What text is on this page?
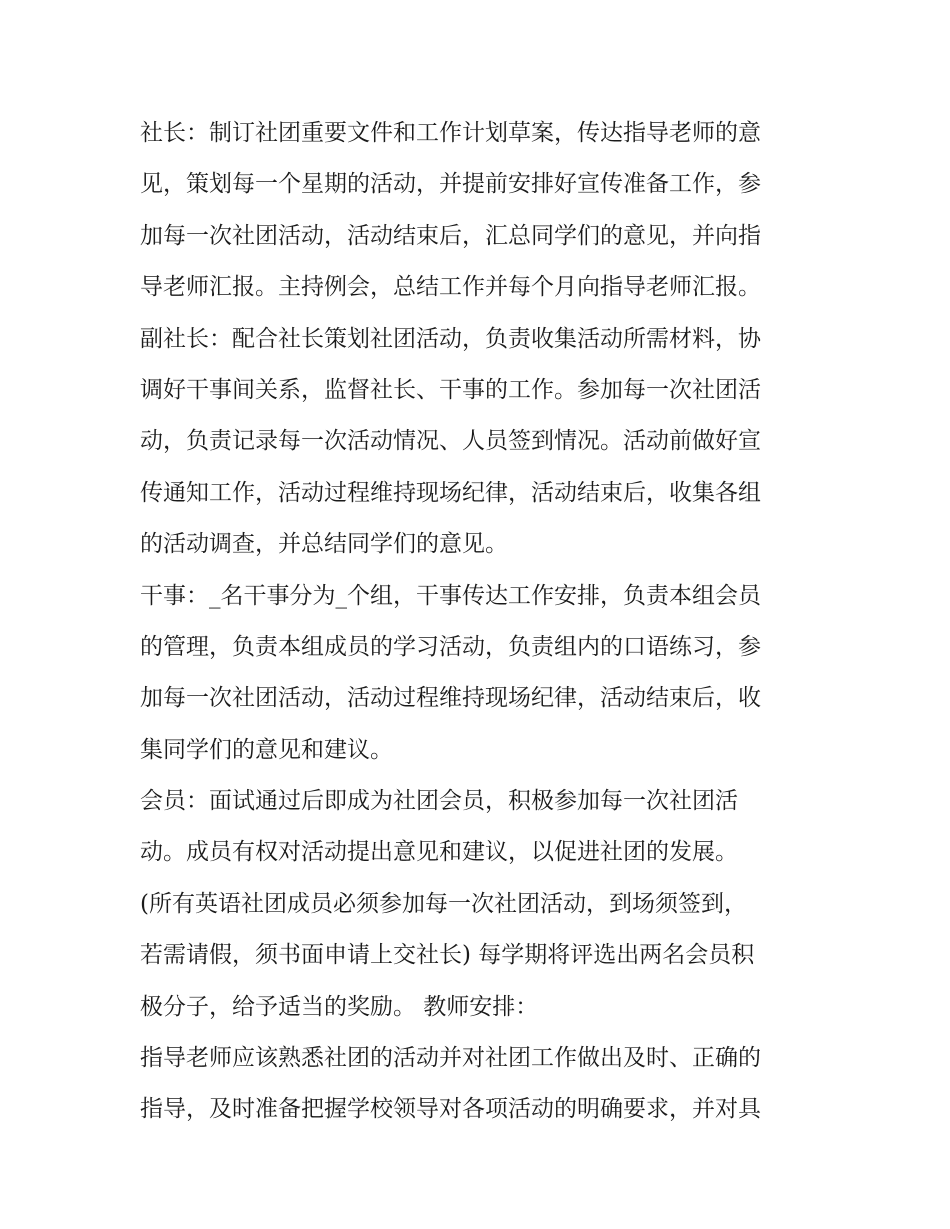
社长：制订社团重要文件和工作计划草案，传达指导老师的意
见，策划每一个星期的活动，并提前安排好宣传准备工作，参
加每一次社团活动，活动结束后，汇总同学们的意见，并向指
导老师汇报。主持例会，总结工作并每个月向指导老师汇报。
副社长：配合社长策划社团活动，负责收集活动所需材料，协
调好干事间关系，监督社长、干事的工作。参加每一次社团活
动，负责记录每一次活动情况、人员签到情况。活动前做好宣
传通知工作，活动过程维持现场纪律，活动结束后，收集各组
的活动调查，并总结同学们的意见。
干事：_名干事分为_个组，干事传达工作安排，负责本组会员
的管理，负责本组成员的学习活动，负责组内的口语练习，参
加每一次社团活动，活动过程维持现场纪律，活动结束后，收
集同学们的意见和建议。
会员：面试通过后即成为社团会员，积极参加每一次社团活
动。成员有权对活动提出意见和建议，以促进社团的发展。
(所有英语社团成员必须参加每一次社团活动，到场须签到，
若需请假，须书面申请上交社长) 每学期将评选出两名会员积
极分子，给予适当的奖励。 教师安排：
指导老师应该熟悉社团的活动并对社团工作做出及时、正确的
指导，及时准备把握学校领导对各项活动的明确要求，并对具
